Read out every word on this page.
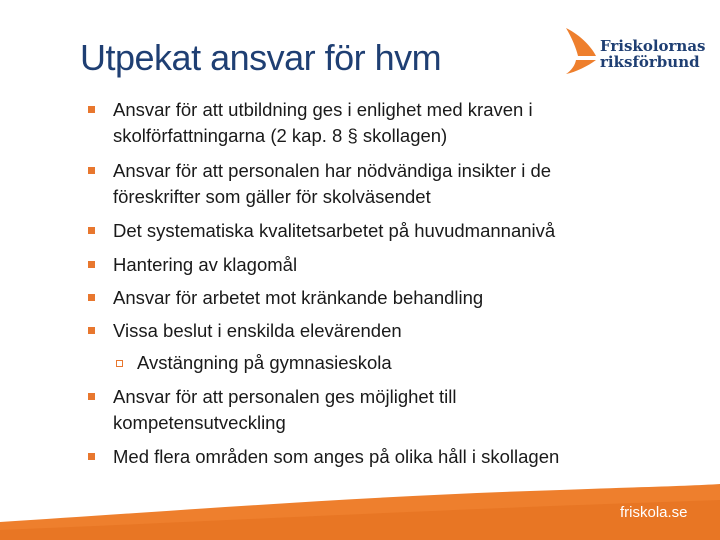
Utpekat ansvar för hvm	Friskolornas
riksförbund
Ansvar för att utbildning ges i enlighet med kraven i
skolförfattningarna (2 kap. 8 § skollagen)
Ansvar för att personalen har nödvändiga insikter i de
föreskrifter som gäller för skolväsendet
Det systematiska kvalitetsarbetet på huvudmannanivå
Hantering av klagomål
Ansvar för arbetet mot kränkande behandling
Vissa beslut i enskilda elevärenden
Avstängning på gymnasieskola
Ansvar för att personalen ges möjlighet till
kompetensutveckling
Med flera områden som anges på olika håll i skollagen
friskola.se
